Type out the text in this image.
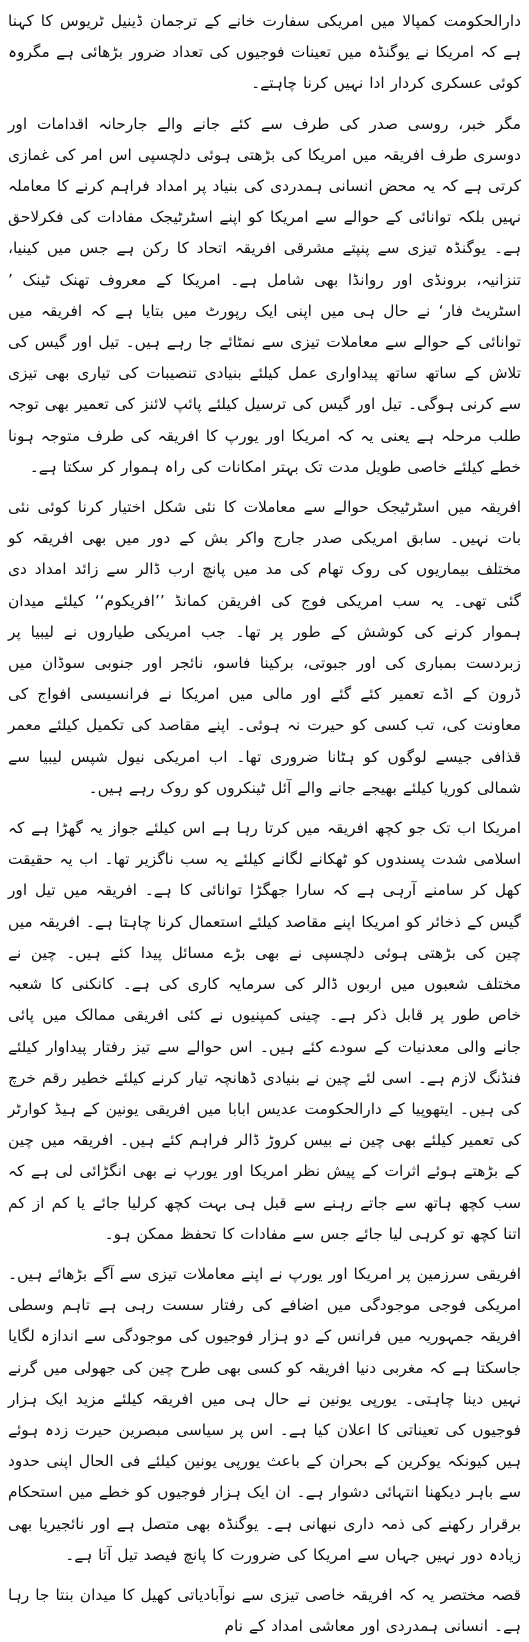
دارالحکومت کمپالا میں امریکی سفارت خانے کے ترجمان ڈینیل ٹریوس کا کہنا ہے کہ امریکا نے یوگنڈہ میں تعینات فوجیوں کی تعداد ضرور بڑھائی ہے مگروہ کوئی عسکری کردار ادا نہیں کرنا چاہتے۔

مگر خبر، روسی صدر کی طرف سے کئے جانے والے جارحانہ اقدامات اور دوسری طرف افریقہ میں امریکا کی بڑھتی ہوئی دلچسپی اس امر کی غمازی کرتی ہے کہ یہ محض انسانی ہمدردی کی بنیاد پر امداد فراہم کرنے کا معاملہ نہیں بلکہ توانائی کے حوالے سے امریکا کو اپنے اسٹرٹیجک مفادات کی فکرلاحق ہے۔ یوگنڈہ تیزی سے پنپتے مشرقی افریقہ اتحاد کا رکن ہے جس میں کینیا، تنزانیہ، برونڈی اور روانڈا بھی شامل ہے۔ امریکا کے معروف تھنک ٹینک ’ اسٹریٹ فار‘ نے حال ہی میں اپنی ایک رپورٹ میں بتایا ہے کہ افریقہ میں توانائی کے حوالے سے معاملات تیزی سے نمٹائے جا رہے ہیں۔ تیل اور گیس کی تلاش کے ساتھ ساتھ پیداواری عمل کیلئے بنیادی تنصیبات کی تیاری بھی تیزی سے کرنی ہوگی۔ تیل اور گیس کی ترسیل کیلئے پائپ لائنز کی تعمیر بھی توجہ طلب مرحلہ ہے یعنی یہ کہ امریکا اور یورپ کا افریقہ کی طرف متوجہ ہونا خطے کیلئے خاصی طویل مدت تک بہتر امکانات کی راہ ہموار کر سکتا ہے۔

افریقہ میں اسٹرٹیجک حوالے سے معاملات کا نئی شکل اختیار کرنا کوئی نئی بات نہیں۔ سابق امریکی صدر جارج واکر بش کے دور میں بھی افریقہ کو مختلف بیماریوں کی روک تھام کی مد میں پانچ ارب ڈالر سے زائد امداد دی گئی تھی۔ یہ سب امریکی فوج کی افریقن کمانڈ ’’افریکوم‘‘ کیلئے میدان ہموار کرنے کی کوشش کے طور پر تھا۔ جب امریکی طیاروں نے لیبیا پر زبردست بمباری کی اور جبوتی، برکینا فاسو، نائجر اور جنوبی سوڈان میں ڈرون کے اڈے تعمیر کئے گئے اور مالی میں امریکا نے فرانسیسی افواج کی معاونت کی، تب کسی کو حیرت نہ ہوئی۔ اپنے مقاصد کی تکمیل کیلئے معمر قذافی جیسے لوگوں کو ہٹانا ضروری تھا۔ اب امریکی نیول شپس لیبیا سے شمالی کوریا کیلئے بھیجے جانے والے آئل ٹینکروں کو روک رہے ہیں۔

امریکا اب تک جو کچھ افریقہ میں کرتا رہا ہے اس کیلئے جواز یہ گھڑا ہے کہ اسلامی شدت پسندوں کو ٹھکانے لگانے کیلئے یہ سب ناگزیر تھا۔ اب یہ حقیقت کھل کر سامنے آرہی ہے کہ سارا جھگڑا توانائی کا ہے۔ افریقہ میں تیل اور گیس کے ذخائر کو امریکا اپنے مقاصد کیلئے استعمال کرنا چاہتا ہے۔ افریقہ میں چین کی بڑھتی ہوئی دلچسپی نے بھی بڑے مسائل پیدا کئے ہیں۔ چین نے مختلف شعبوں میں اربوں ڈالر کی سرمایہ کاری کی ہے۔ کانکنی کا شعبہ خاص طور پر قابل ذکر ہے۔ چینی کمپنیوں نے کئی افریقی ممالک میں پائی جانے والی معدنیات کے سودے کئے ہیں۔ اس حوالے سے تیز رفتار پیداوار کیلئے فنڈنگ لازم ہے۔ اسی لئے چین نے بنیادی ڈھانچہ تیار کرنے کیلئے خطیر رقم خرچ کی ہیں۔ ایتھوپیا کے دارالحکومت عدیس ابابا میں افریقی یونین کے ہیڈ کوارٹر کی تعمیر کیلئے بھی چین نے بیس کروڑ ڈالر فراہم کئے ہیں۔ افریقہ میں چین کے بڑھتے ہوئے اثرات کے پیش نظر امریکا اور یورپ نے بھی انگڑائی لی ہے کہ سب کچھ ہاتھ سے جاتے رہنے سے قبل ہی بہت کچھ کرلیا جائے یا کم از کم اتنا کچھ تو کرہی لیا جائے جس سے مفادات کا تحفظ ممکن ہو۔

افریقی سرزمین پر امریکا اور یورپ نے اپنے معاملات تیزی سے آگے بڑھائے ہیں۔ امریکی فوجی موجودگی میں اضافے کی رفتار سست رہی ہے تاہم وسطی افریقہ جمہوریہ میں فرانس کے دو ہزار فوجیوں کی موجودگی سے اندازہ لگایا جاسکتا ہے کہ مغربی دنیا افریقہ کو کسی بھی طرح چین کی جھولی میں گرنے نہیں دینا چاہتی۔ یورپی یونین نے حال ہی میں افریقہ کیلئے مزید ایک ہزار فوجیوں کی تعیناتی کا اعلان کیا ہے۔ اس پر سیاسی مبصرین حیرت زدہ ہوئے ہیں کیونکہ یوکرین کے بحران کے باعث یورپی یونین کیلئے فی الحال اپنی حدود سے باہر دیکھنا انتہائی دشوار ہے۔ ان ایک ہزار فوجیوں کو خطے میں استحکام برقرار رکھنے کی ذمہ داری نبھانی ہے۔ یوگنڈہ بھی متصل ہے اور نائجیریا بھی زیادہ دور نہیں جہاں سے امریکا کی ضرورت کا پانچ فیصد تیل آتا ہے۔

قصہ مختصر یہ کہ افریقہ خاصی تیزی سے نوآبادیاتی کھیل کا میدان بنتا جا رہا ہے۔ انسانی ہمدردی اور معاشی امداد کے نام
